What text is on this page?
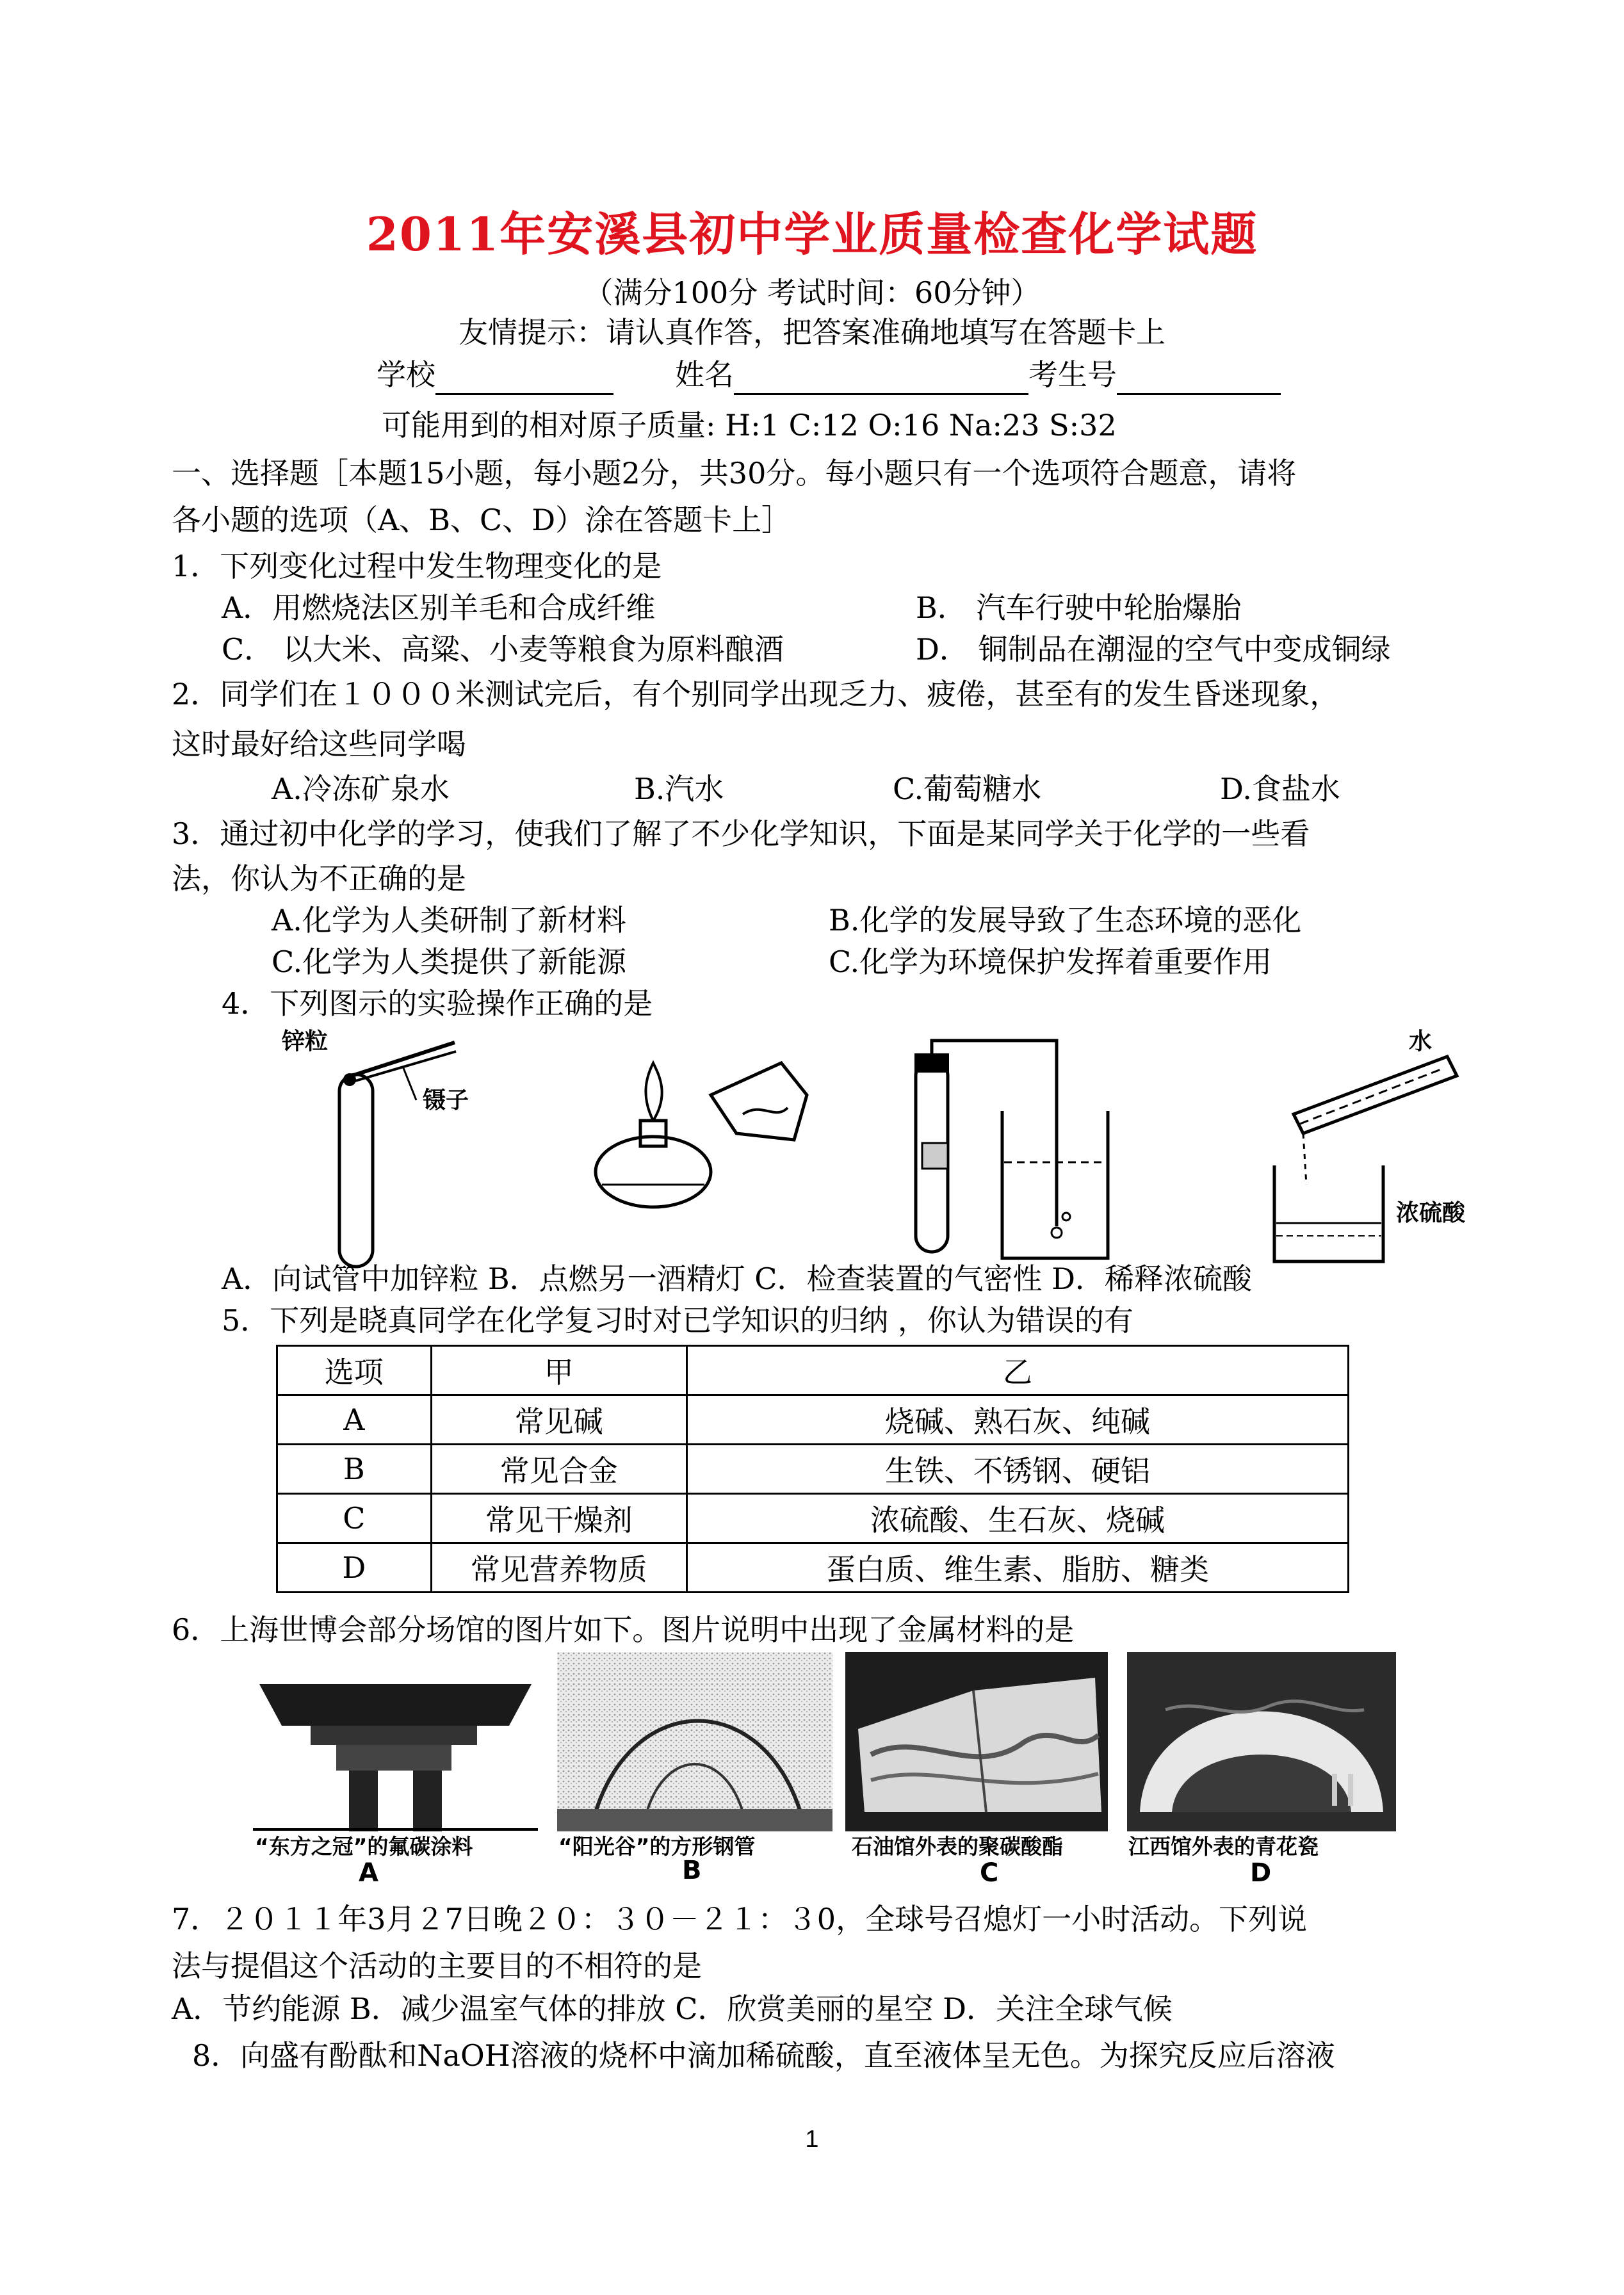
2011年安溪县初中学业质量检查化学试题
（满分100分 考试时间：60分钟）
友情提示：请认真作答，把答案准确地填写在答题卡上
学校	姓名	考生号
可能用到的相对原子质量: H:1 C:12 O:16 Na:23 S:32
一、选择题［本题15小题，每小题2分，共30分。每小题只有一个选项符合题意，请将
各小题的选项（A、B、C、D）涂在答题卡上］
1．下列变化过程中发生物理变化的是
A．用燃烧法区别羊毛和合成纤维	B． 汽车行驶中轮胎爆胎
C． 以大米、高粱、小麦等粮食为原料酿酒	D． 铜制品在潮湿的空气中变成铜绿
2．同学们在１０００米测试完后，有个别同学出现乏力、疲倦，甚至有的发生昏迷现象，
这时最好给这些同学喝
A.冷冻矿泉水	B.汽水	C.葡萄糖水	D.食盐水
3．通过初中化学的学习，使我们了解了不少化学知识，下面是某同学关于化学的一些看
法，你认为不正确的是
A.化学为人类研制了新材料	B.化学的发展导致了生态环境的恶化
C.化学为人类提供了新能源	C.化学为环境保护发挥着重要作用
4．下列图示的实验操作正确的是
锌粒
镊子
水
浓硫酸
A．向试管中加锌粒 B．点燃另一酒精灯 C．检查装置的气密性 D．稀释浓硫酸
5．下列是晓真同学在化学复习时对已学知识的归纳 ，你认为错误的有
选项	甲	乙
A	常见碱	烧碱、熟石灰、纯碱
B	常见合金	生铁、不锈钢、硬铝
C	常见干燥剂	浓硫酸、生石灰、烧碱
D	常见营养物质	蛋白质、维生素、脂肪、糖类
6．上海世博会部分场馆的图片如下。图片说明中出现了金属材料的是
“东方之冠”的氟碳涂料
A
“阳光谷”的方形钢管
B
石油馆外表的聚碳酸酯
C
江西馆外表的青花瓷
D
7．２０１１年3月２7日晚２０：３０－２１：３0，全球号召熄灯一小时活动。下列说
法与提倡这个活动的主要目的不相符的是
A．节约能源 B．减少温室气体的排放 C．欣赏美丽的星空 D．关注全球气候
8．向盛有酚酞和NaOH溶液的烧杯中滴加稀硫酸，直至液体呈无色。为探究反应后溶液
1
